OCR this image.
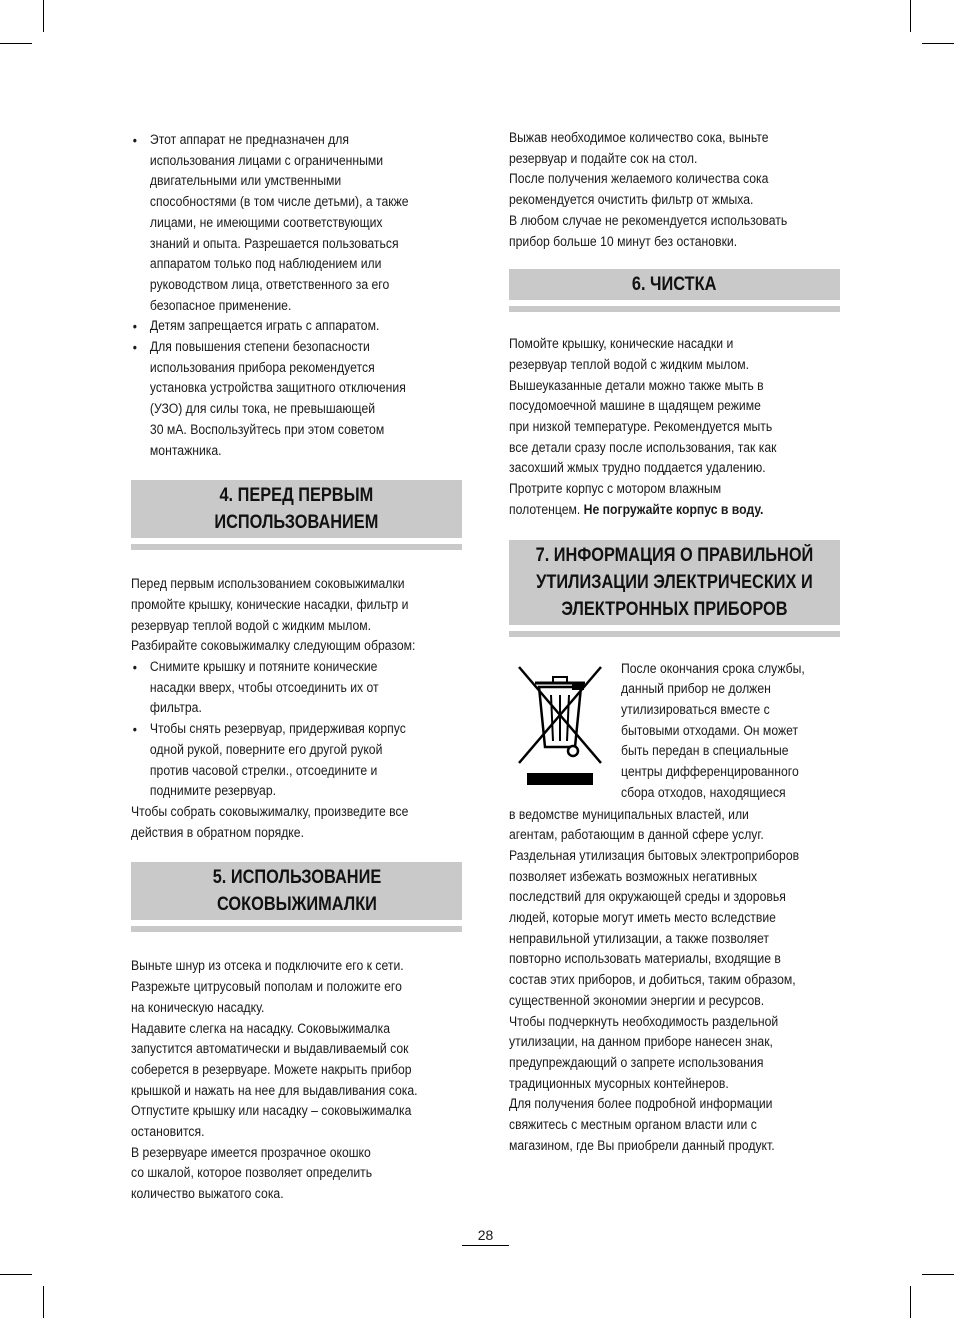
• Этот аппарат не предназначен для
использования лицами с ограниченными
двигательными или умственными
способностями (в том числе детьми), а также
лицами, не имеющими соответствующих
знаний и опыта. Разрешается пользоваться
аппаратом только под наблюдением или
руководством лица, ответственного за его
безопасное применение.
• Детям запрещается играть с аппаратом.
• Для повышения степени безопасности
использования прибора рекомендуется
установка устройства защитного отключения
(УЗО) для силы тока, не превышающей
30 мА. Воспользуйтесь при этом советом
монтажника.
4. ПЕРЕД ПЕРВЫМ
ИСПОЛЬЗОВАНИЕМ

Перед первым использованием соковыжималки
промойте крышку, конические насадки, фильтр и
резервуар теплой водой с жидким мылом.
Разбирайте соковыжималку следующим образом:

• Снимите крышку и потяните конические
насадки вверх, чтобы отсоединить их от
фильтра.
• Чтобы снять резервуар, придерживая корпус
одной рукой, поверните его другой рукой
против часовой стрелки., отсоедините и
поднимите резервуар.

Чтобы собрать соковыжималку, произведите все
действия в обратном порядке.

5. ИСПОЛЬЗОВАНИЕ
СОКОВЫЖИМАЛКИ

Выньте шнур из отсека и подключите его к сети.
Разрежьте цитрусовый пополам и положите его
на коническую насадку.
Надавите слегка на насадку. Соковыжималка
запустится автоматически и выдавливаемый сок
соберется в резервуаре. Можете накрыть прибор
крышкой и нажать на нее для выдавливания сока.
Отпустите крышку или насадку – соковыжималка
остановится.
В резервуаре имеется прозрачное окошко
со шкалой, которое позволяет определить
количество выжатого сока.

Выжав необходимое количество сока, выньте
резервуар и подайте сок на стол.
После получения желаемого количества сока
рекомендуется очистить фильтр от жмыха.
В любом случае не рекомендуется использовать
прибор больше 10 минут без остановки.

6. ЧИСТКА

Помойте крышку, конические насадки и
резервуар теплой водой с жидким мылом.
Вышеуказанные детали можно также мыть в
посудомоечной машине в щадящем режиме
при низкой температуре. Рекомендуется мыть
все детали сразу после использования, так как
засохший жмых трудно поддается удалению.
Протрите корпус с мотором влажным
полотенцем. Не погружайте корпус в воду.

7. ИНФОРМАЦИЯ О ПРАВИЛЬНОЙ
УТИЛИЗАЦИИ ЭЛЕКТРИЧЕСКИХ И
ЭЛЕКТРОННЫХ ПРИБОРОВ

После окончания срока службы,
данный прибор не должен
утилизироваться вместе с
бытовыми отходами. Он может
быть передан в специальные
центры дифференцированного
сбора отходов, находящиеся

в ведомстве муниципальных властей, или
агентам, работающим в данной сфере услуг.
Раздельная утилизация бытовых электроприборов
позволяет избежать возможных негативных
последствий для окружающей среды и здоровья
людей, которые могут иметь место вследствие
неправильной утилизации, а также позволяет
повторно использовать материалы, входящие в
состав этих приборов, и добиться, таким образом,
существенной экономии энергии и ресурсов.
Чтобы подчеркнуть необходимость раздельной
утилизации, на данном приборе нанесен знак,
предупреждающий о запрете использования
традиционных мусорных контейнеров.
Для получения более подробной информации
свяжитесь с местным органом власти или с
магазином, где Вы приобрели данный продукт.

28
